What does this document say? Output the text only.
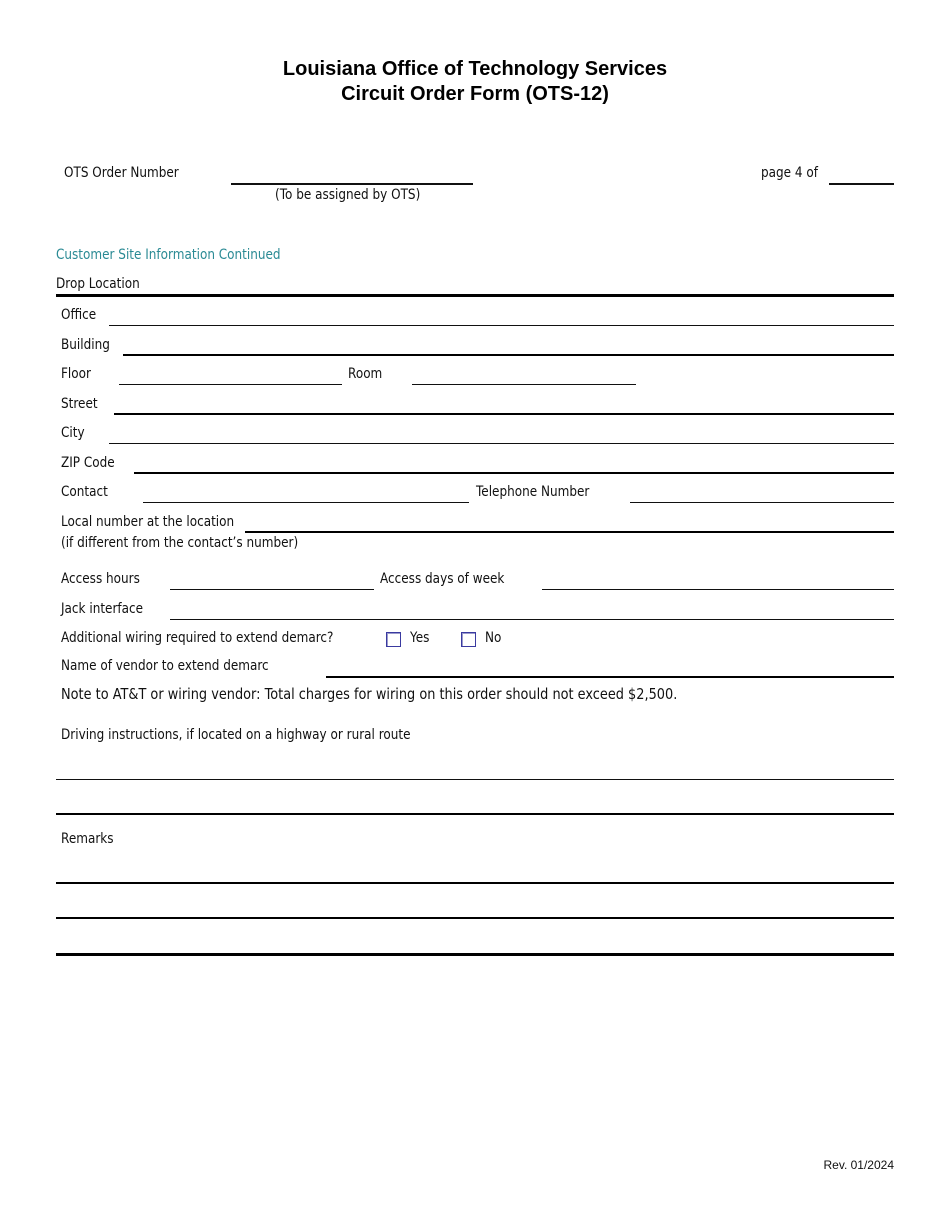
Louisiana Office of Technology Services
Circuit Order Form (OTS-12)
OTS Order Number
(To be assigned by OTS)
page 4 of
Customer Site Information Continued
Drop Location
Office
Building
Floor	Room
Street
City
ZIP Code
Contact	Telephone Number
Local number at the location
(if different from the contact’s number)
Access hours	Access days of week
Jack interface
Additional wiring required to extend demarc?	Yes	No
Name of vendor to extend demarc
Note to AT&T or wiring vendor: Total charges for wiring on this order should not exceed $2,500.
Driving instructions, if located on a highway or rural route
Remarks
Rev. 01/2024
